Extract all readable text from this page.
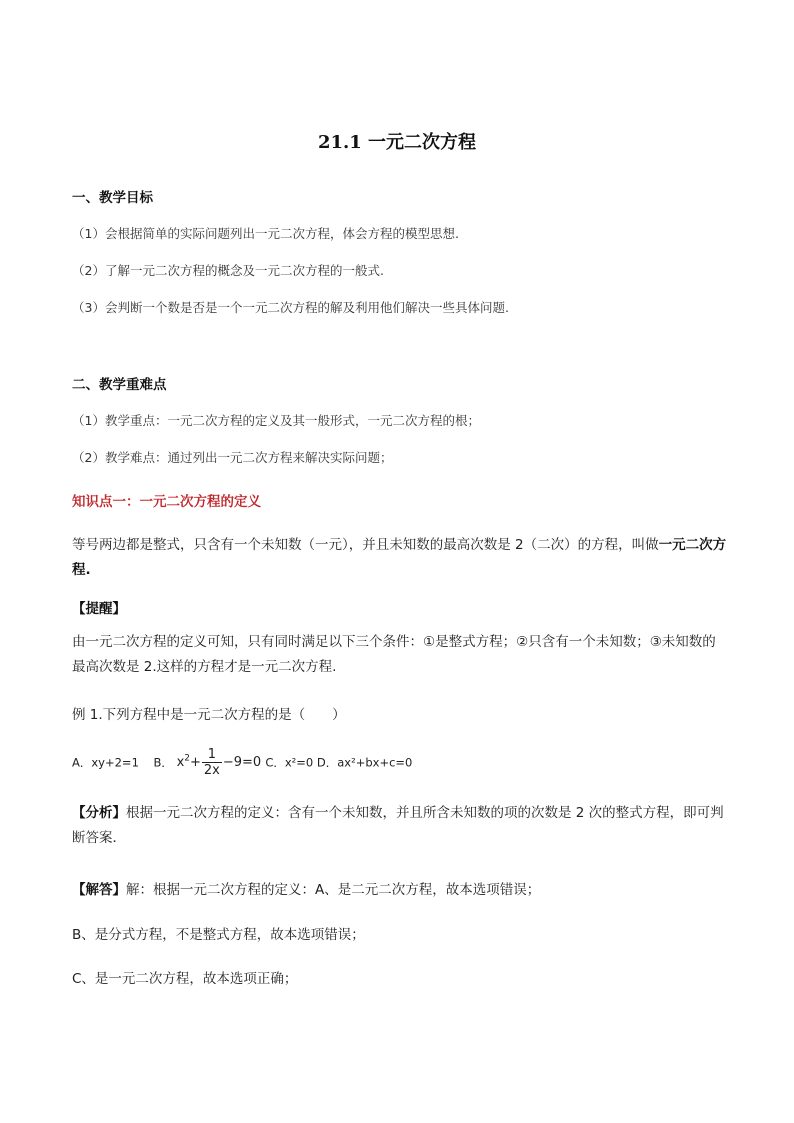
21.1 一元二次方程
一、教学目标
（1）会根据简单的实际问题列出一元二次方程，体会方程的模型思想.
（2）了解一元二次方程的概念及一元二次方程的一般式.
（3）会判断一个数是否是一个一元二次方程的解及利用他们解决一些具体问题.
二、教学重难点
（1）教学重点：一元二次方程的定义及其一般形式，一元二次方程的根；
（2）教学难点：通过列出一元二次方程来解决实际问题；
知识点一：一元二次方程的定义
等号两边都是整式，只含有一个未知数（一元），并且未知数的最高次数是 2（二次）的方程，叫做一元二次方程.
【提醒】
由一元二次方程的定义可知，只有同时满足以下三个条件：①是整式方程；②只含有一个未知数；③未知数的最高次数是 2.这样的方程才是一元二次方程.
例 1.下列方程中是一元二次方程的是（　　）
A．xy+2=1 B． $x^2+ \frac{1}{2x} -9=0$ C．x²=0 D．ax²+bx+c=0
【分析】根据一元二次方程的定义：含有一个未知数，并且所含未知数的项的次数是 2 次的整式方程，即可判断答案．
【解答】解：根据一元二次方程的定义：A、是二元二次方程，故本选项错误；
B、是分式方程，不是整式方程，故本选项错误；
C、是一元二次方程，故本选项正确；
